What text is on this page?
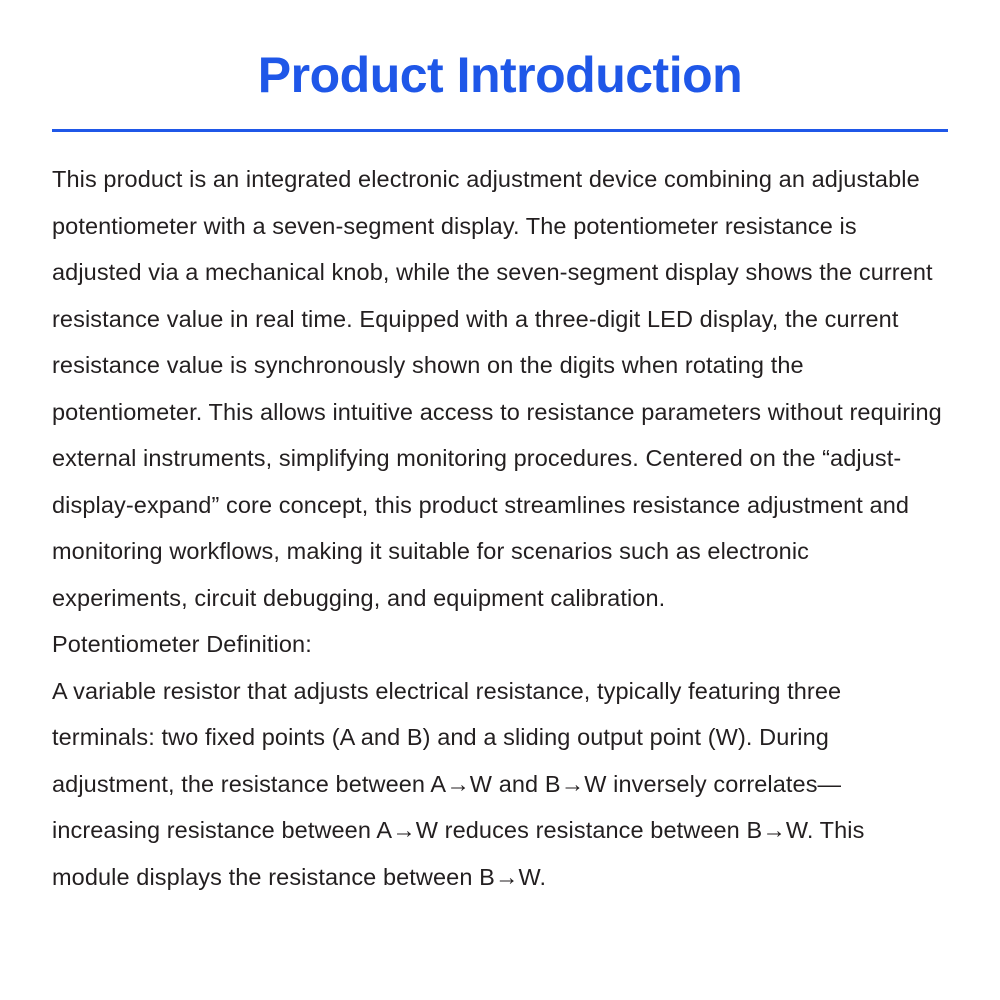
Product Introduction

This product is an integrated electronic adjustment device combining an adjustable potentiometer with a seven-segment display. The potentiometer resistance is adjusted via a mechanical knob, while the seven-segment display shows the current resistance value in real time. Equipped with a three-digit LED display, the current resistance value is synchronously shown on the digits when rotating the potentiometer. This allows intuitive access to resistance parameters without requiring external instruments, simplifying monitoring procedures. Centered on the “adjust-display-expand” core concept, this product streamlines resistance adjustment and monitoring workflows, making it suitable for scenarios such as electronic experiments, circuit debugging, and equipment calibration.

Potentiometer Definition:

A variable resistor that adjusts electrical resistance, typically featuring three terminals: two fixed points (A and B) and a sliding output point (W). During adjustment, the resistance between A→W and B→W inversely correlates—increasing resistance between A→W reduces resistance between B→W. This module displays the resistance between B→W.
